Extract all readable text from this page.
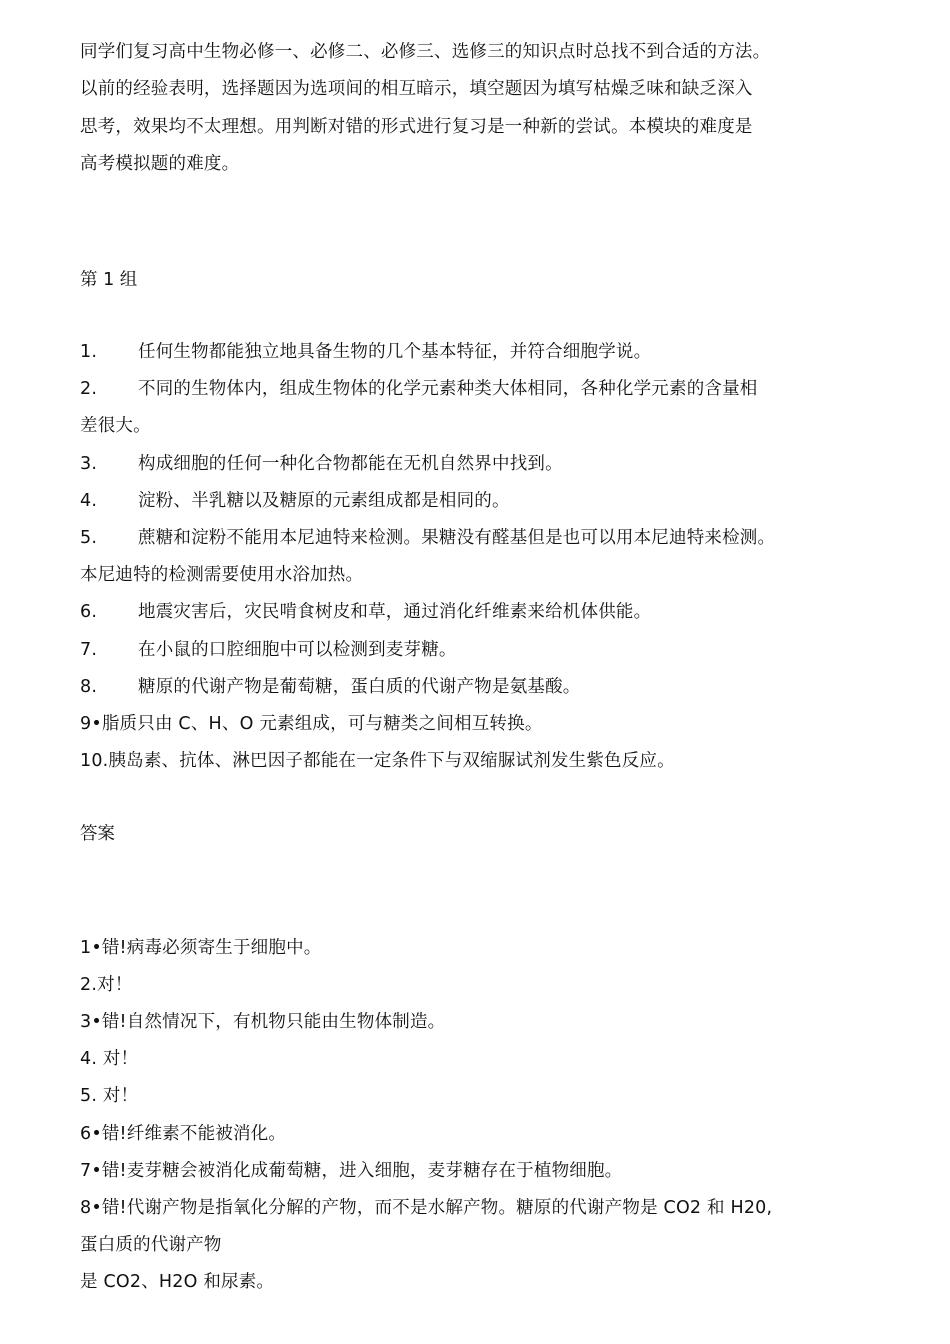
同学们复习高中生物必修一、必修二、必修三、选修三的知识点时总找不到合适的方法。
以前的经验表明，选择题因为选项间的相互暗示，填空题因为填写枯燥乏味和缺乏深入
思考，效果均不太理想。用判断对错的形式进行复习是一种新的尝试。本模块的难度是
高考模拟题的难度。
第 1 组
1. 任何生物都能独立地具备生物的几个基本特征，并符合细胞学说。
2. 不同的生物体内，组成生物体的化学元素种类大体相同，各种化学元素的含量相
差很大。
3. 构成细胞的任何一种化合物都能在无机自然界中找到。
4. 淀粉、半乳糖以及糖原的元素组成都是相同的。
5. 蔗糖和淀粉不能用本尼迪特来检测。果糖没有醛基但是也可以用本尼迪特来检测。
本尼迪特的检测需要使用水浴加热。
6. 地震灾害后，灾民啃食树皮和草，通过消化纤维素来给机体供能。
7. 在小鼠的口腔细胞中可以检测到麦芽糖。
8. 糖原的代谢产物是葡萄糖，蛋白质的代谢产物是氨基酸。
9•脂质只由 C、H、O 元素组成，可与糖类之间相互转换。
10.胰岛素、抗体、淋巴因子都能在一定条件下与双缩脲试剂发生紫色反应。
答案
1•错!病毒必须寄生于细胞中。
2.对！
3•错!自然情况下，有机物只能由生物体制造。
4. 对！
5. 对！
6•错!纤维素不能被消化。
7•错!麦芽糖会被消化成葡萄糖，进入细胞，麦芽糖存在于植物细胞。
8•错!代谢产物是指氧化分解的产物，而不是水解产物。糖原的代谢产物是 CO2 和 H20,
蛋白质的代谢产物
是 CO2、H2O 和尿素。
